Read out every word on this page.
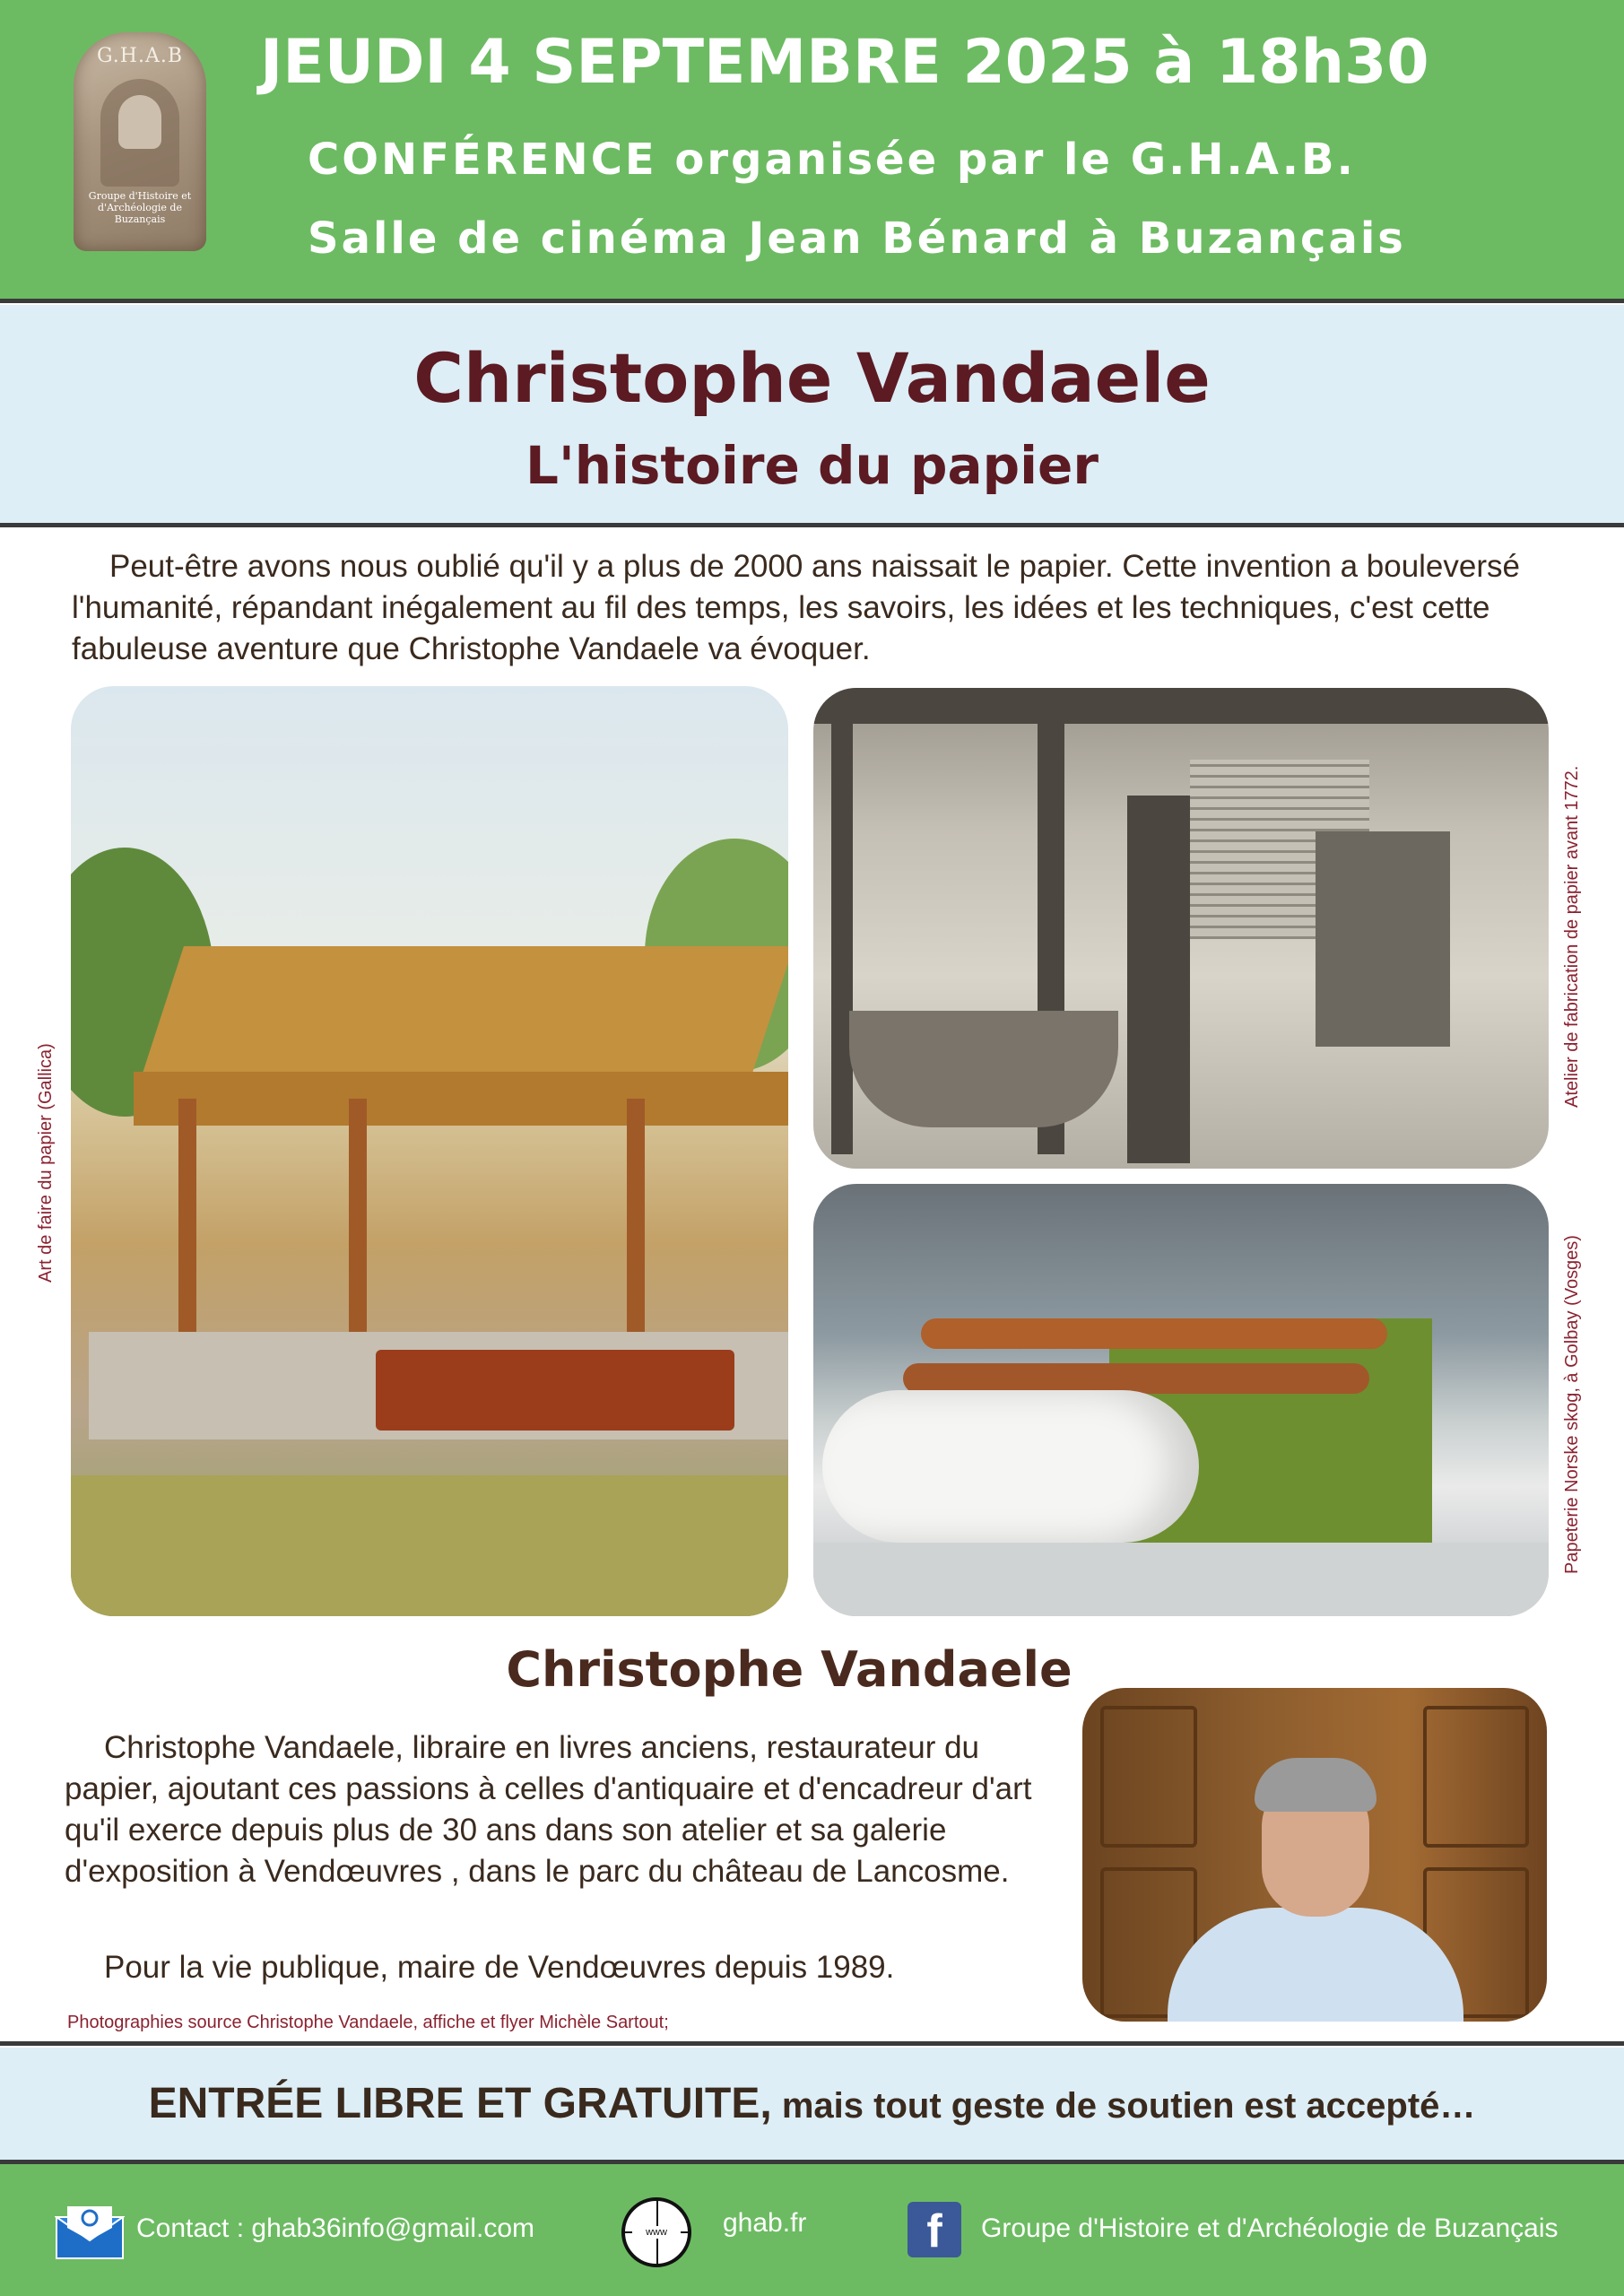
G.H.A.B
Groupe d'Histoire et d'Archéologie de Buzançais
JEUDI 4 SEPTEMBRE 2025 à 18h30
CONFÉRENCE organisée par le G.H.A.B.
Salle de cinéma Jean Bénard à Buzançais
Christophe Vandaele
L'histoire du papier
Peut-être avons nous oublié qu'il y a plus de 2000 ans naissait le papier. Cette invention a bouleversé l'humanité, répandant inégalement au fil des temps, les savoirs, les idées et les techniques, c'est cette fabuleuse aventure que Christophe Vandaele va évoquer.
Art de faire du papier (Gallica)
Atelier de fabrication de papier avant 1772.
Papeterie Norske skog, à Golbay (Vosges)
Christophe Vandaele
Christophe Vandaele, libraire en livres anciens, restaurateur du papier, ajoutant ces passions à celles d'antiquaire et d'encadreur d'art qu'il exerce depuis plus de 30 ans dans son atelier et sa galerie d'exposition à Vendœuvres , dans le parc du château de Lancosme.
Pour la vie publique, maire de Vendœuvres depuis 1989.
Photographies source Christophe Vandaele, affiche et flyer Michèle Sartout;
ENTRÉE LIBRE ET GRATUITE, mais tout geste de soutien est accepté…
Contact : ghab36info@gmail.com	www	ghab.fr	f	Groupe d'Histoire et d'Archéologie de Buzançais
